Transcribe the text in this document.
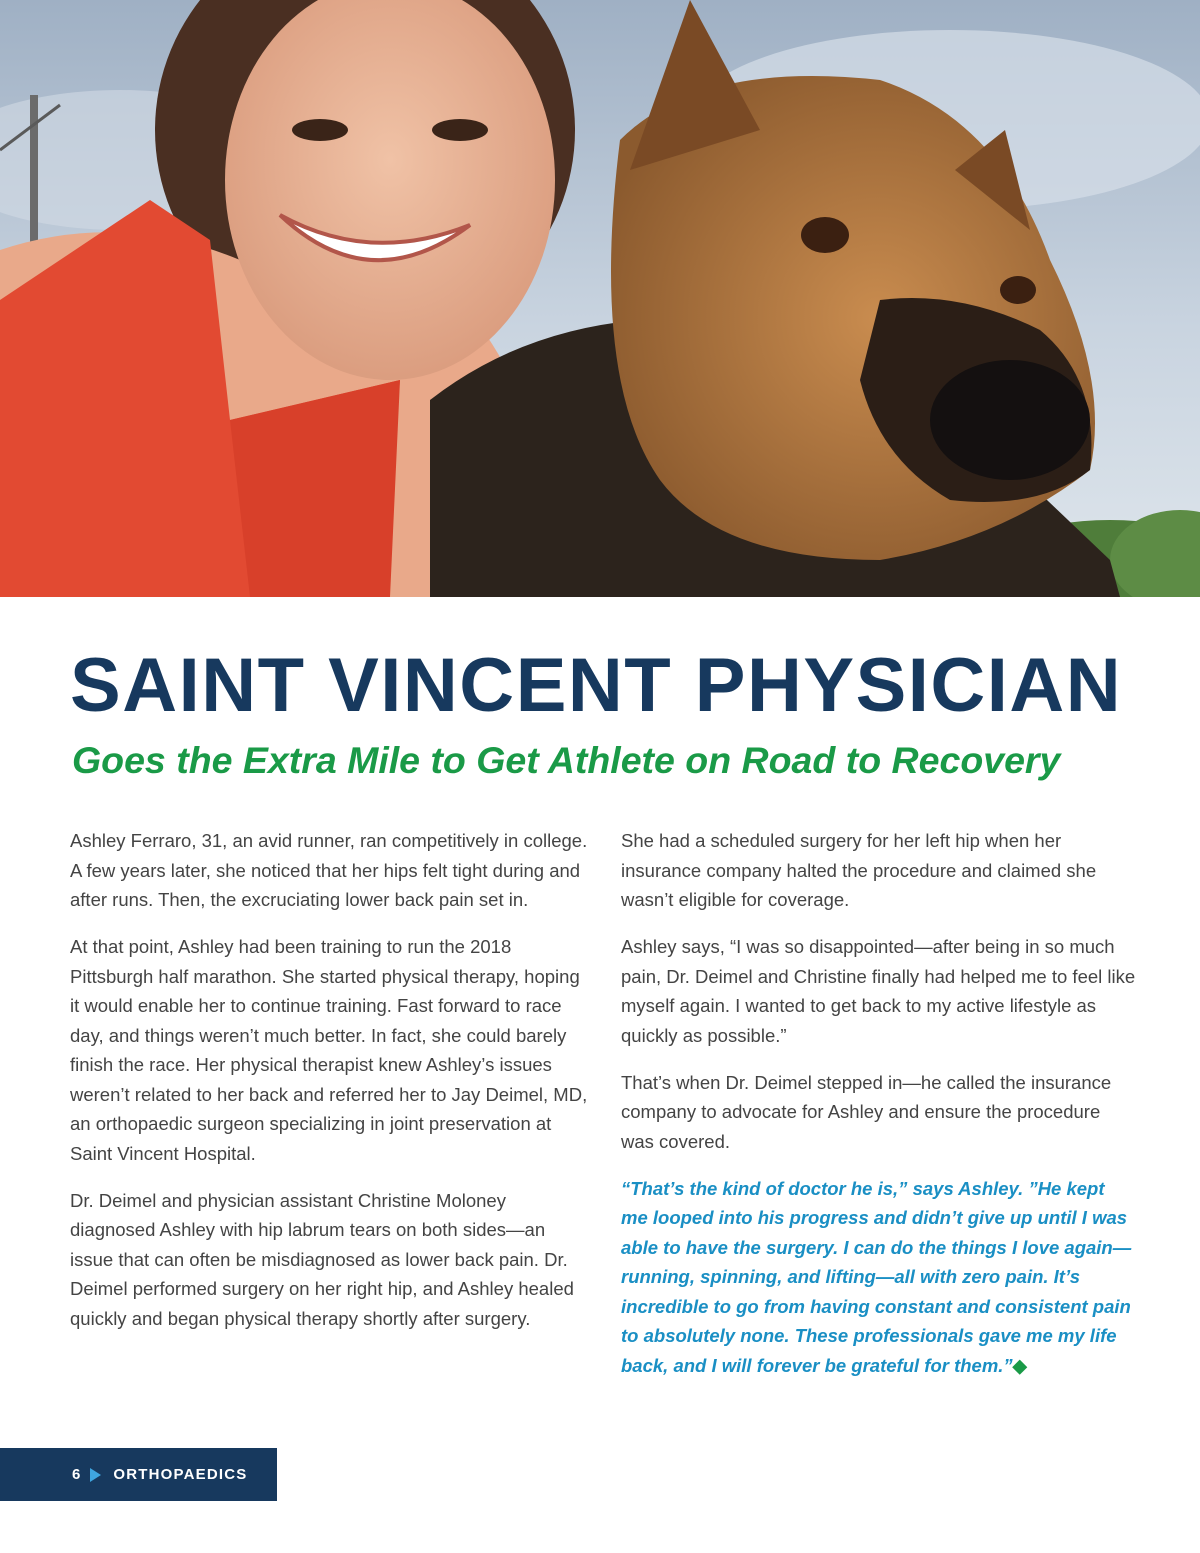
SAINT VINCENT PHYSICIAN
Goes the Extra Mile to Get Athlete on Road to Recovery

Ashley Ferraro, 31, an avid runner, ran competitively in college. A few years later, she noticed that her hips felt tight during and after runs. Then, the excruciating lower back pain set in.

At that point, Ashley had been training to run the 2018 Pittsburgh half marathon. She started physical therapy, hoping it would enable her to continue training. Fast forward to race day, and things weren’t much better. In fact, she could barely finish the race. Her physical therapist knew Ashley’s issues weren’t related to her back and referred her to Jay Deimel, MD, an orthopaedic surgeon specializing in joint preservation at Saint Vincent Hospital.

Dr. Deimel and physician assistant Christine Moloney diagnosed Ashley with hip labrum tears on both sides—an issue that can often be misdiagnosed as lower back pain. Dr. Deimel performed surgery on her right hip, and Ashley healed quickly and began physical therapy shortly after surgery.

She had a scheduled surgery for her left hip when her insurance company halted the procedure and claimed she wasn’t eligible for coverage.

Ashley says, “I was so disappointed—after being in so much pain, Dr. Deimel and Christine finally had helped me to feel like myself again. I wanted to get back to my active lifestyle as quickly as possible.”

That’s when Dr. Deimel stepped in—he called the insurance company to advocate for Ashley and ensure the procedure was covered.

“That’s the kind of doctor he is,” says Ashley. ”He kept me looped into his progress and didn’t give up until I was able to have the surgery. I can do the things I love again—running, spinning, and lifting—all with zero pain. It’s incredible to go from having constant and consistent pain to absolutely none. These professionals gave me my life back, and I will forever be grateful for them.”◆

6 ORTHOPAEDICS
